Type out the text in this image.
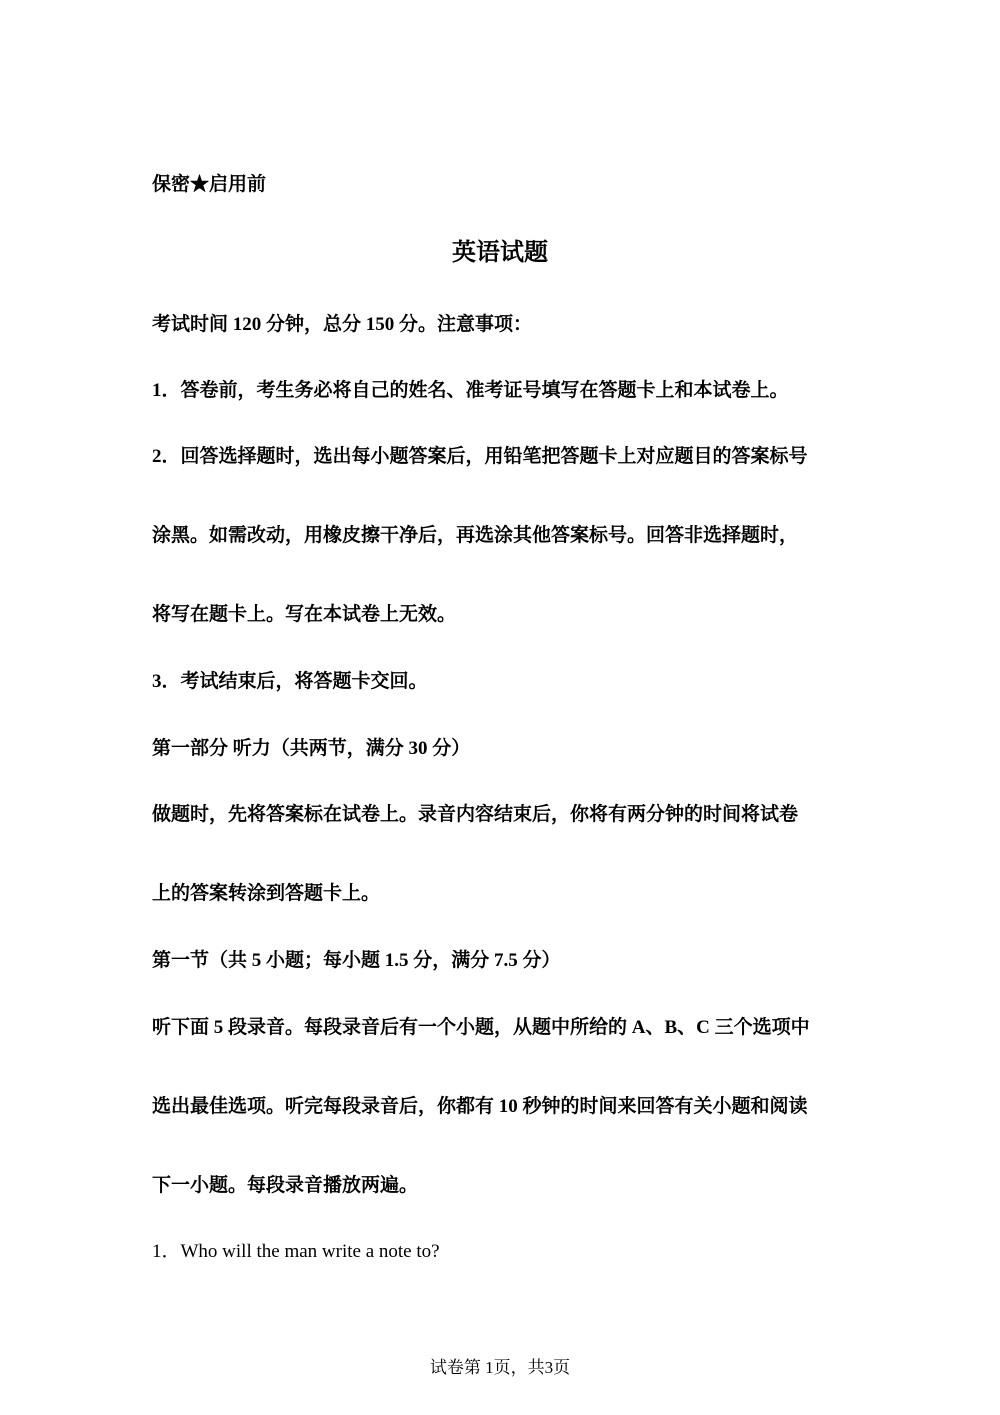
保密★启用前
英语试题
考试时间 120 分钟，总分 150 分。注意事项：
1．答卷前，考生务必将自己的姓名、准考证号填写在答题卡上和本试卷上。
2．回答选择题时，选出每小题答案后，用铅笔把答题卡上对应题目的答案标号
涂黑。如需改动，用橡皮擦干净后，再选涂其他答案标号。回答非选择题时，
将写在题卡上。写在本试卷上无效。
3．考试结束后，将答题卡交回。
第一部分 听力（共两节，满分 30 分）
做题时，先将答案标在试卷上。录音内容结束后，你将有两分钟的时间将试卷
上的答案转涂到答题卡上。
第一节（共 5 小题；每小题 1.5 分，满分 7.5 分）
听下面 5 段录音。每段录音后有一个小题，从题中所给的 A、B、C 三个选项中
选出最佳选项。听完每段录音后，你都有 10 秒钟的时间来回答有关小题和阅读
下一小题。每段录音播放两遍。
1．Who will the man write a note to?
试卷第 1页，共3页
